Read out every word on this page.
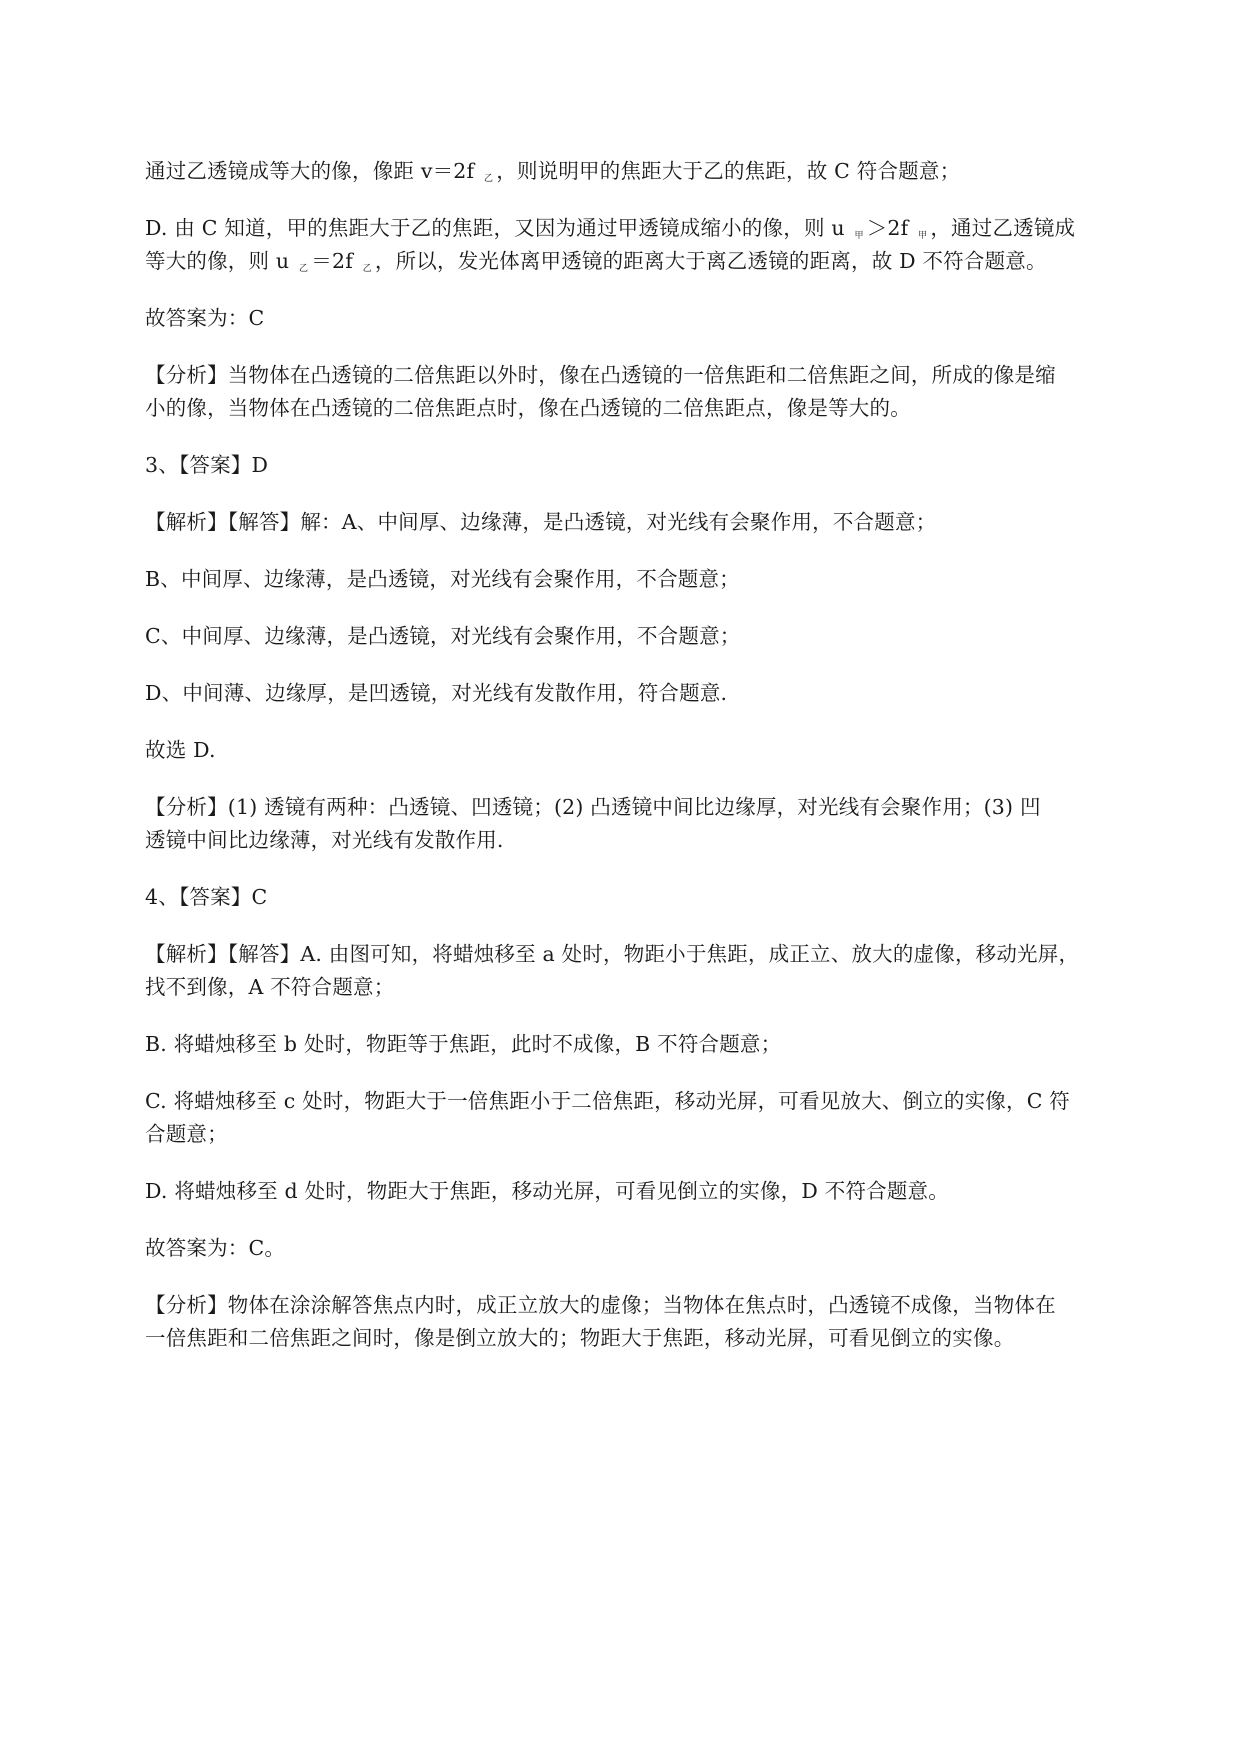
通过乙透镜成等大的像，像距 v＝2f $_乙$ ，则说明甲的焦距大于乙的焦距，故 C 符合题意；
D. 由 C 知道，甲的焦距大于乙的焦距，又因为通过甲透镜成缩小的像，则 u $_甲$ ＞2f $_甲$ ，通过乙透镜成
等大的像，则 u $_乙$ ＝2f $_乙$ ，所以，发光体离甲透镜的距离大于离乙透镜的距离，故 D 不符合题意。
故答案为：C
【分析】当物体在凸透镜的二倍焦距以外时，像在凸透镜的一倍焦距和二倍焦距之间，所成的像是缩
小的像，当物体在凸透镜的二倍焦距点时，像在凸透镜的二倍焦距点，像是等大的。
3、【答案】D
【解析】【解答】解：A、中间厚、边缘薄，是凸透镜，对光线有会聚作用，不合题意；
B、中间厚、边缘薄，是凸透镜，对光线有会聚作用，不合题意；
C、中间厚、边缘薄，是凸透镜，对光线有会聚作用，不合题意；
D、中间薄、边缘厚，是凹透镜，对光线有发散作用，符合题意.
故选 D.
【分析】(1) 透镜有两种：凸透镜、凹透镜；(2) 凸透镜中间比边缘厚，对光线有会聚作用；(3) 凹
透镜中间比边缘薄，对光线有发散作用.
4、【答案】C
【解析】【解答】A. 由图可知，将蜡烛移至 a 处时，物距小于焦距，成正立、放大的虚像，移动光屏，
找不到像，A 不符合题意；
B. 将蜡烛移至 b 处时，物距等于焦距，此时不成像，B 不符合题意；
C. 将蜡烛移至 c 处时，物距大于一倍焦距小于二倍焦距，移动光屏，可看见放大、倒立的实像，C 符
合题意；
D. 将蜡烛移至 d 处时，物距大于焦距，移动光屏，可看见倒立的实像，D 不符合题意。
故答案为：C。
【分析】物体在涂涂解答焦点内时，成正立放大的虚像；当物体在焦点时，凸透镜不成像，当物体在
一倍焦距和二倍焦距之间时，像是倒立放大的；物距大于焦距，移动光屏，可看见倒立的实像。
